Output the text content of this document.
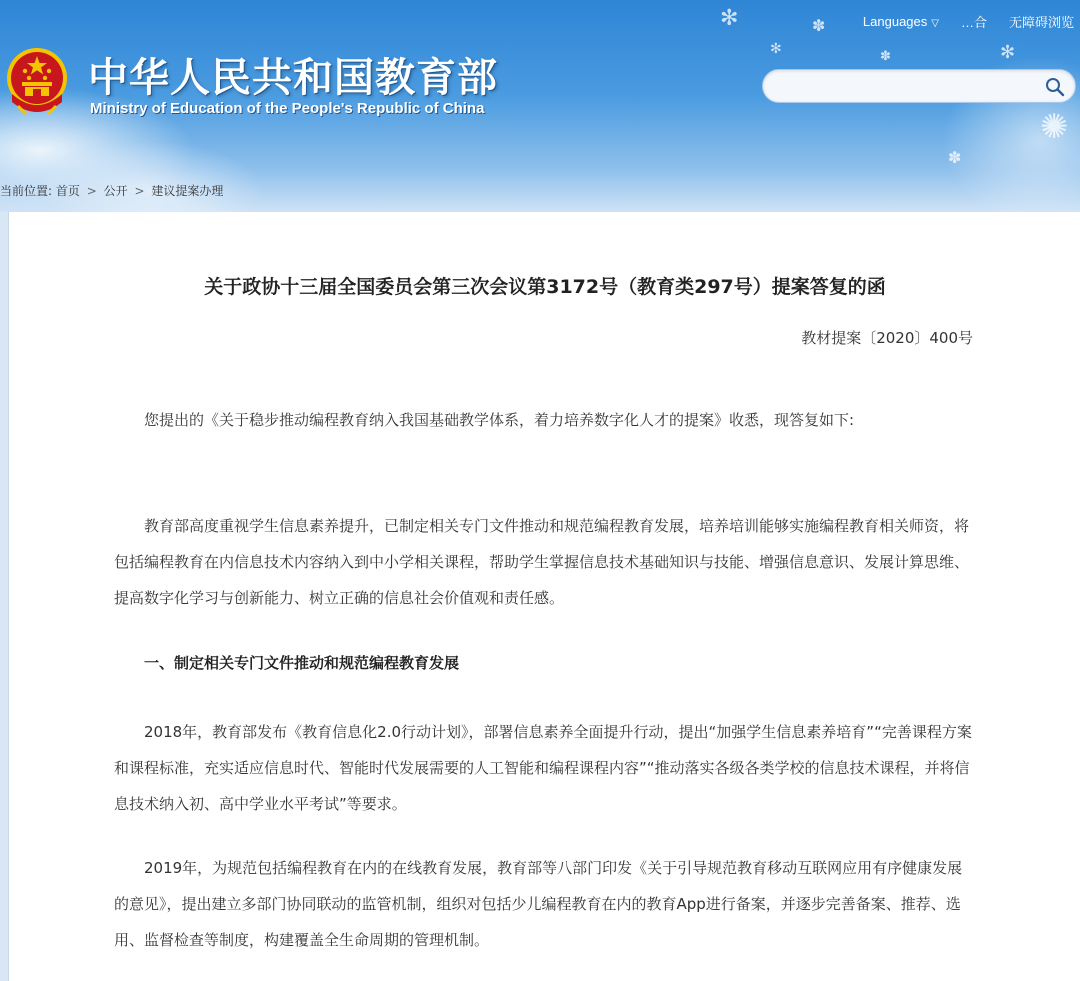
✻	✽
✻	✽	✻
✺
✽
中华人民共和国教育部
Ministry of Education of the People's Republic of China
Languages ▽ …合 无障碍浏览
当前位置: 首页 > 公开 > 建议提案办理
关于政协十三届全国委员会第三次会议第3172号（教育类297号）提案答复的函
教材提案〔2020〕400号

您提出的《关于稳步推动编程教育纳入我国基础教学体系，着力培养数字化人才的提案》收悉，现答复如下:

教育部高度重视学生信息素养提升，已制定相关专门文件推动和规范编程教育发展，培养培训能够实施编程教育相关师资，将包括编程教育在内信息技术内容纳入到中小学相关课程，帮助学生掌握信息技术基础知识与技能、增强信息意识、发展计算思维、提高数字化学习与创新能力、树立正确的信息社会价值观和责任感。

一、制定相关专门文件推动和规范编程教育发展

2018年，教育部发布《教育信息化2.0行动计划》，部署信息素养全面提升行动，提出“加强学生信息素养培育”“完善课程方案和课程标准，充实适应信息时代、智能时代发展需要的人工智能和编程课程内容”“推动落实各级各类学校的信息技术课程，并将信息技术纳入初、高中学业水平考试”等要求。

2019年，为规范包括编程教育在内的在线教育发展，教育部等八部门印发《关于引导规范教育移动互联网应用有序健康发展的意见》，提出建立多部门协同联动的监管机制，组织对包括少儿编程教育在内的教育App进行备案，并逐步完善备案、推荐、选用、监督检查等制度，构建覆盖全生命周期的管理机制。
